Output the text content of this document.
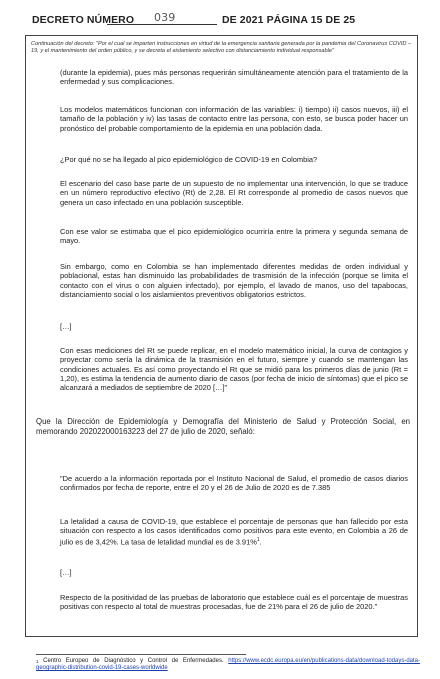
DECRETO NÚMERO 039	DE 2021 PÁGINA 15 DE 25
Continuación del decreto: "Por el cual se imparten instrucciones en virtud de la emergencia sanitaria generada por la pandemia del Coronavirus COVID – 19, y el mantenimiento del orden público, y se decreta el aislamiento selectivo con distanciamiento individual responsable"
(durante la epidemia), pues más personas requerirán simultáneamente atención para el tratamiento de la enfermedad y sus complicaciones.
Los modelos matemáticos funcionan con información de las variables: i) tiempo) ii) casos nuevos, iii) el tamaño de la población y iv) las tasas de contacto entre las persona, con esto, se busca poder hacer un pronóstico del probable comportamiento de la epidemia en una población dada.
¿Por qué no se ha llegado al pico epidemiológico de COVID-19 en Colombia?
El escenario del caso base parte de un supuesto de no implementar una intervención, lo que se traduce en un número reproductivo efectivo (Rt) de 2,28. El Rt corresponde al promedio de casos nuevos que genera un caso infectado en una población susceptible.
Con ese valor se estimaba que el pico epidemiológico ocurriría entre la primera y segunda semana de mayo.
Sin embargo, como en Colombia se han implementado diferentes medidas de orden individual y poblacional, estas han disminuido las probabilidades de trasmisión de la infección (porque se limita el contacto con el virus o con alguien infectado), por ejemplo, el lavado de manos, uso del tapabocas, distanciamiento social o los aislamientos preventivos obligatorios estrictos.
[…]
Con esas mediciones del Rt se puede replicar, en el modelo matemático inicial, la curva de contagios y proyectar como sería la dinámica de la trasmisión en el futuro, siempre y cuando se mantengan las condiciones actuales. Es así como proyectando el Rt que se midió para los primeros días de junio (Rt = 1,20), es estima la tendencia de aumento diario de casos (por fecha de inicio de síntomas) que el pico se alcanzará a mediados de septiembre de 2020 […]"
Que la Dirección de Epidemiología y Demografía del Ministerio de Salud y Protección Social, en memorando 202022000163223 del 27 de julio de 2020, señaló:
"De acuerdo a la información reportada por el Instituto Nacional de Salud, el promedio de casos diarios confirmados por fecha de reporte, entre el 20 y el 26 de Julio de 2020 es de 7.385
La letalidad a causa de COVID-19, que establece el porcentaje de personas que han fallecido por esta situación con respecto a los casos identificados como positivos para este evento, en Colombia a 26 de julio es de 3,42%. La tasa de letalidad mundial es de 3.91%$^1$.
[…]
Respecto de la positividad de las pruebas de laboratorio que establece cuál es el porcentaje de muestras positivas con respecto al total de muestras procesadas, fue de 21% para el 26 de julio de 2020."
$^1$ Centro Europeo de Diagnóstico y Control de Enfermedades. https://www.ecdc.europa.eu/en/publications-data/download-todays-data-geographic-distribution-covid-19-cases-worldwide
